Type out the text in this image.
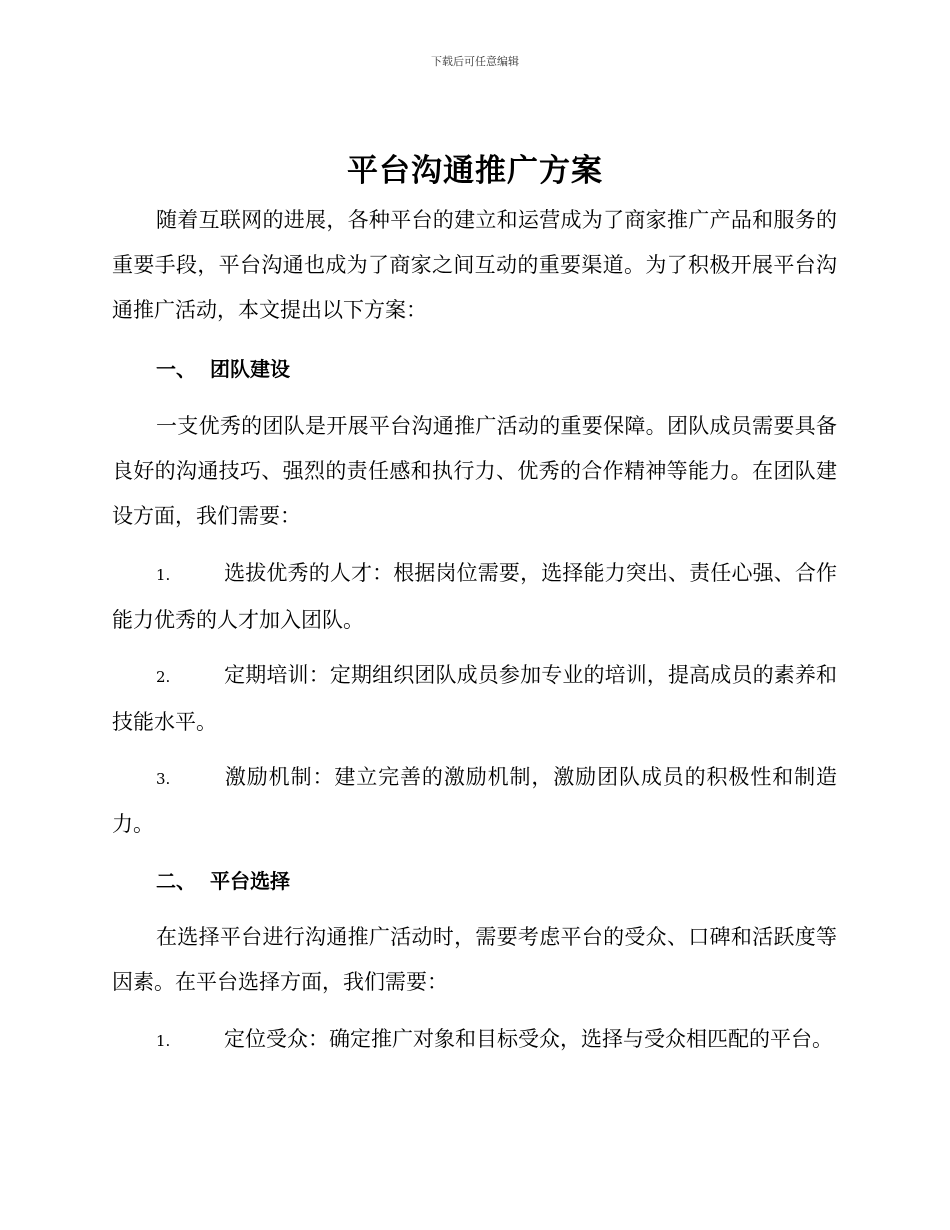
下载后可任意编辑
平台沟通推广方案

随着互联网的进展，各种平台的建立和运营成为了商家推广产品和服务的重要手段，平台沟通也成为了商家之间互动的重要渠道。为了积极开展平台沟通推广活动，本文提出以下方案：

一、 团队建设

一支优秀的团队是开展平台沟通推广活动的重要保障。团队成员需要具备良好的沟通技巧、强烈的责任感和执行力、优秀的合作精神等能力。在团队建设方面，我们需要：

1.	选拔优秀的人才：根据岗位需要，选择能力突出、责任心强、合作能力优秀的人才加入团队。

2.	定期培训：定期组织团队成员参加专业的培训，提高成员的素养和技能水平。

3.	激励机制：建立完善的激励机制，激励团队成员的积极性和制造力。

二、 平台选择

在选择平台进行沟通推广活动时，需要考虑平台的受众、口碑和活跃度等因素。在平台选择方面，我们需要：

1.	定位受众：确定推广对象和目标受众，选择与受众相匹配的平台。
